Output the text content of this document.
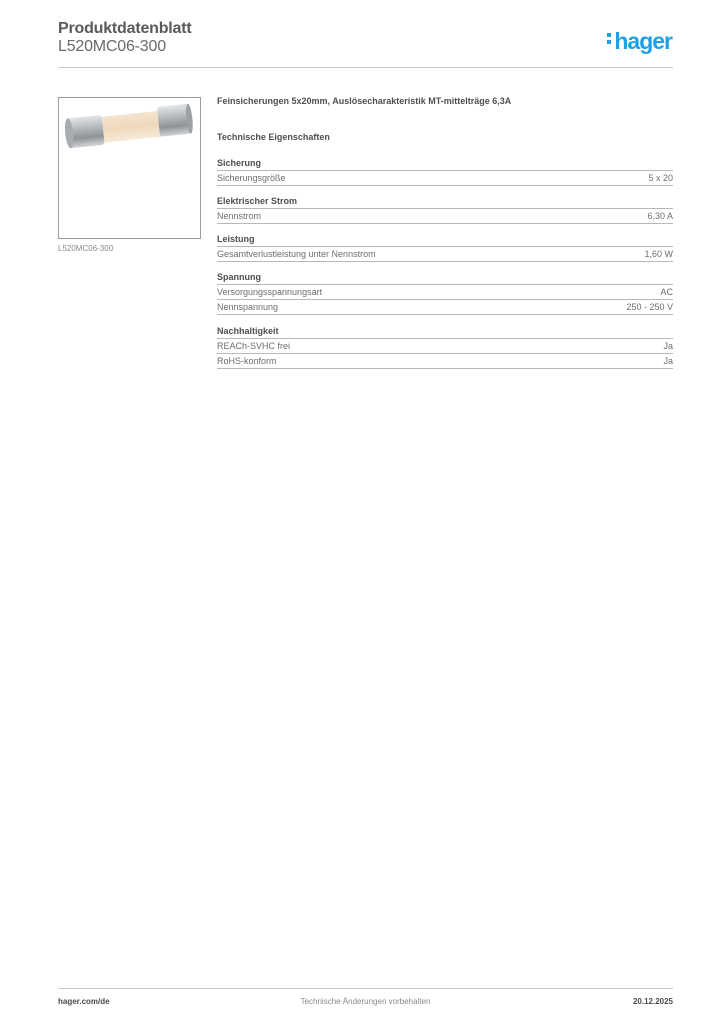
Produktdatenblatt
L520MC06-300	hager
L520MC06-300

Feinsicherungen 5x20mm, Auslösecharakteristik MT-mittelträge 6,3A

Technische Eigenschaften
Sicherung
Sicherungsgröße	5 x 20
Elektrischer Strom
Nennstrom	6,30 A
Leistung
Gesamtverlustleistung unter Nennstrom	1,60 W
Spannung
Versorgungsspannungsart	AC
Nennspannung	250 - 250 V
Nachhaltigkeit
REACh-SVHC frei	Ja
RoHS-konform	Ja
hager.com/de	Technische Änderungen vorbehalten	20.12.2025
